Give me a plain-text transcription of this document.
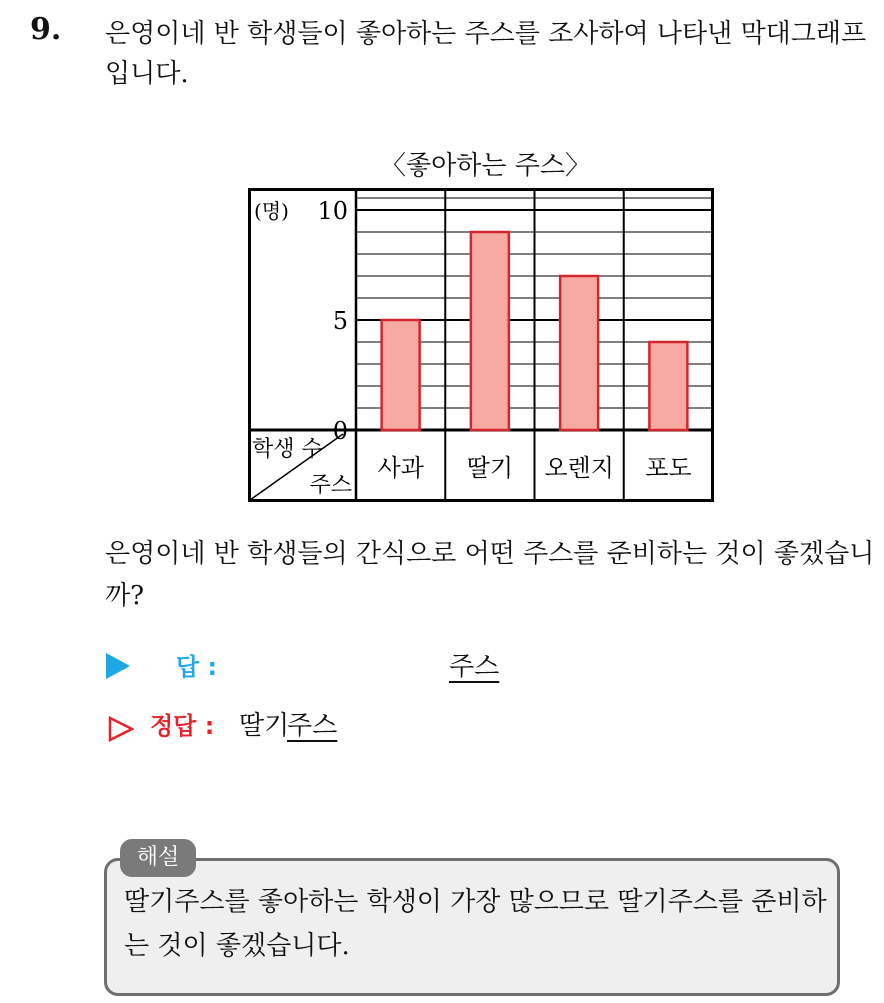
9. 은영이네 반 학생들이 좋아하는 주스를 조사하여 나타낸 막대그래프입니다.
〈좋아하는 주스〉
0
5
10
(명)
사과 딸기 오렌지 포도
학생 수
주스
은영이네 반 학생들의 간식으로 어떤 주스를 준비하는 것이 좋겠습니까?
답 :	주스
정답 : 딸기
주스
해설
딸기주스를 좋아하는 학생이 가장 많으므로 딸기주스를 준비하는 것이 좋겠습니다.
